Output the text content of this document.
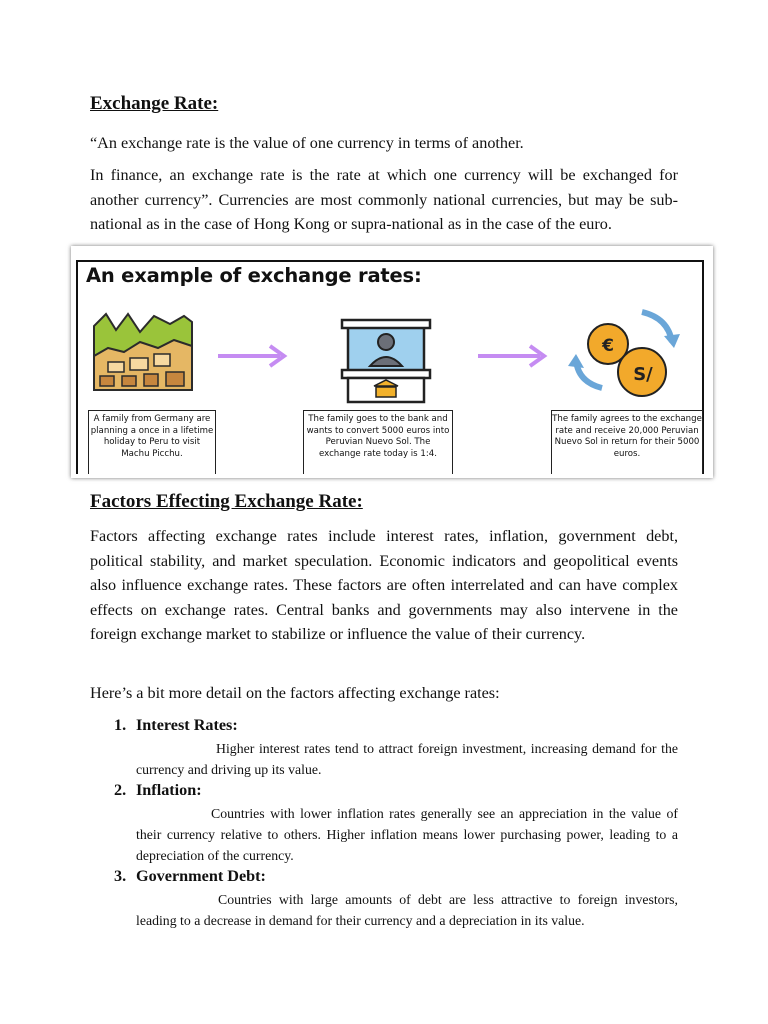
Exchange Rate:
“An exchange rate is the value of one currency in terms of another.
In finance, an exchange rate is the rate at which one currency will be exchanged for another currency”. Currencies are most commonly national currencies, but may be sub-national as in the case of Hong Kong or supra-national as in the case of the euro.
An example of exchange rates:
€
S/
A family from Germany are planning a once in a lifetime holiday to Peru to visit Machu Picchu.
The family goes to the bank and wants to convert 5000 euros into Peruvian Nuevo Sol. The exchange rate today is 1:4.
The family agrees to the exchange rate and receive 20,000 Peruvian Nuevo Sol in return for their 5000 euros.
Factors Effecting Exchange Rate:
Factors affecting exchange rates include interest rates, inflation, government debt, political stability, and market speculation. Economic indicators and geopolitical events also influence exchange rates. These factors are often interrelated and can have complex effects on exchange rates. Central banks and governments may also intervene in the foreign exchange market to stabilize or influence the value of their currency.
Here’s a bit more detail on the factors affecting exchange rates:
1. Interest Rates:
Higher interest rates tend to attract foreign investment, increasing demand for the currency and driving up its value.
2. Inflation:
Countries with lower inflation rates generally see an appreciation in the value of their currency relative to others. Higher inflation means lower purchasing power, leading to a depreciation of the currency.
3. Government Debt:
Countries with large amounts of debt are less attractive to foreign investors, leading to a decrease in demand for their currency and a depreciation in its value.
